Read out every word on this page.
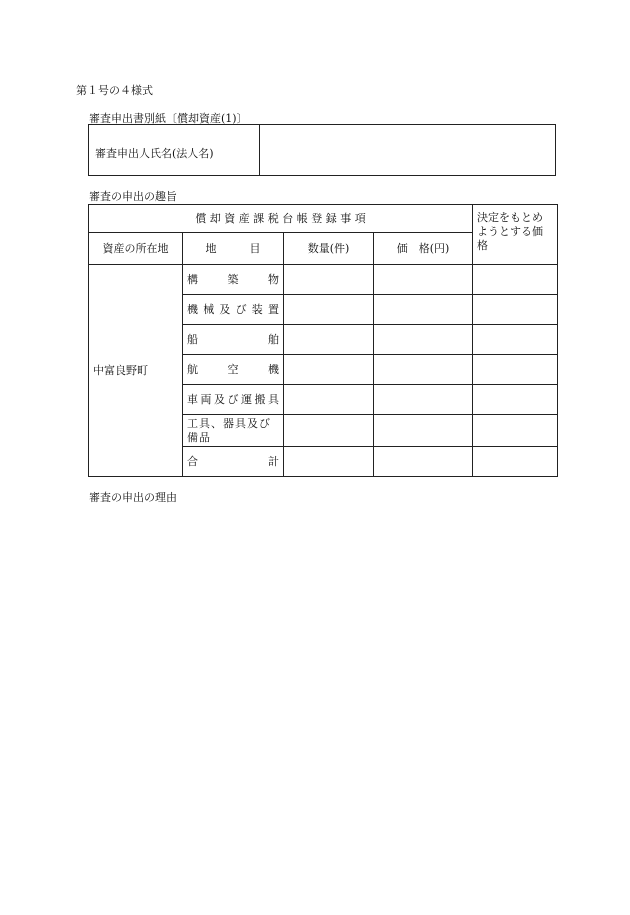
第１号の４様式
審査申出書別紙〔償却資産(1)〕
審査申出人氏名(法人名)
審査の申出の趣旨
償 却 資 産 課 税 台 帳 登 録 事 項				決定をもとめようとする価格
資産の所在地	地　　　目	数量(件)	価　格(円)	
中富良野町	構　築　物			
	機械及び装置			
	船　　舶			
	航　空　機			
	車両及び運搬具			
	工具、器具及び備品			
	合　　計			
審査の申出の理由
